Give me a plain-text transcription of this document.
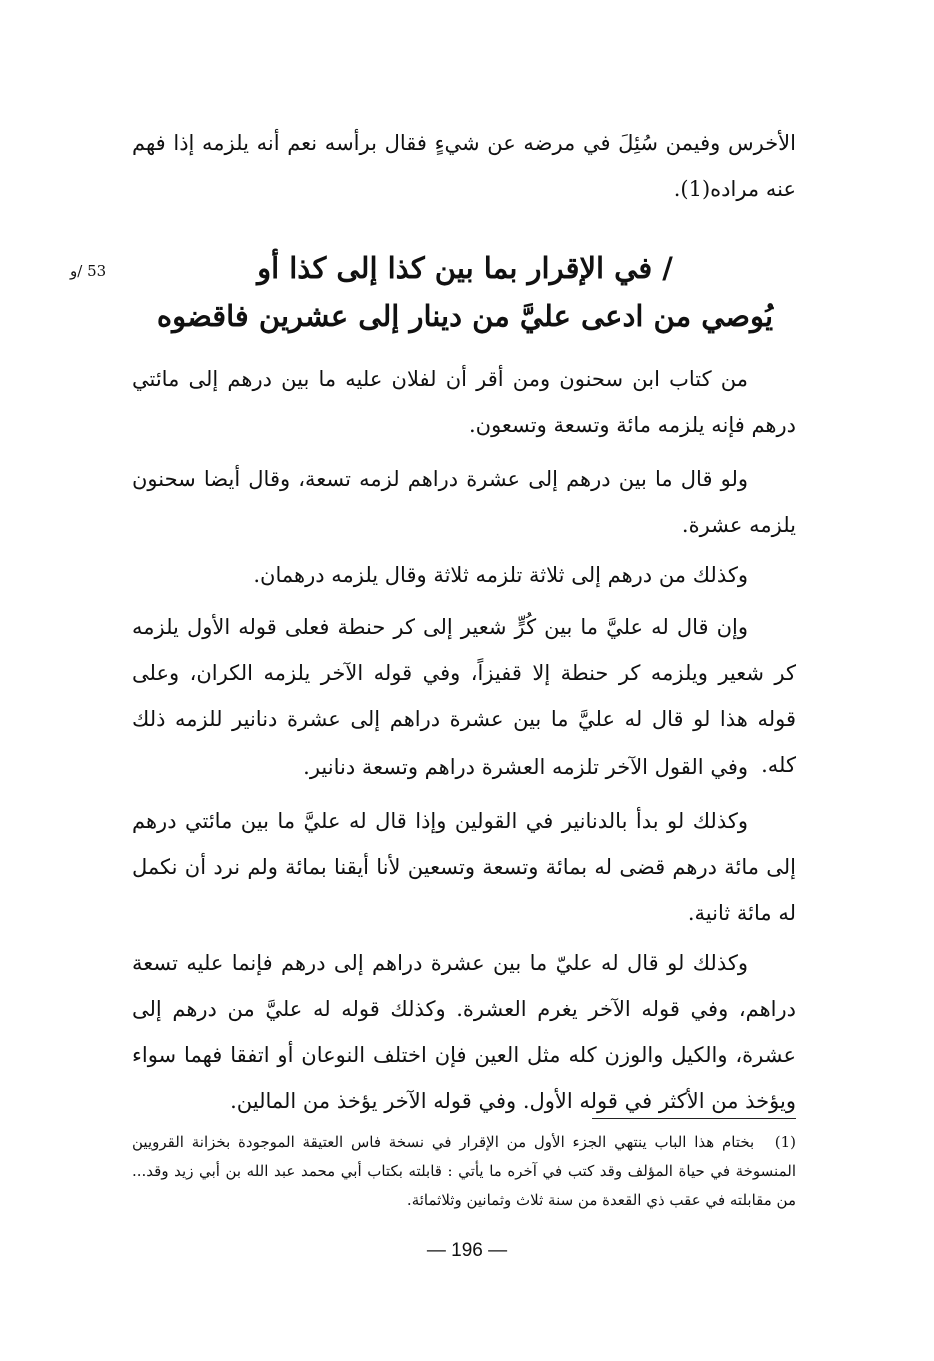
الأخرس وفيمن سُئِلَ في مرضه عن شيءٍ فقال برأسه نعم أنه يلزمه إذا فهم عنه مراده(1).
53 /و	/ في الإقرار بما بين كذا إلى كذا أو
يُوصي من ادعى عليَّ من دينار إلى عشرين فاقضوه
من كتاب ابن سحنون ومن أقر أن لفلان عليه ما بين درهم إلى مائتي درهم فإنه يلزمه مائة وتسعة وتسعون.
ولو قال ما بين درهم إلى عشرة دراهم لزمه تسعة، وقال أيضا سحنون يلزمه عشرة.
وكذلك من درهم إلى ثلاثة تلزمه ثلاثة وقال يلزمه درهمان.
وإن قال له عليَّ ما بين كُرٍّ شعير إلى كر حنطة فعلى قوله الأول يلزمه كر شعير ويلزمه كر حنطة إلا قفيزاً، وفي قوله الآخر يلزمه الكران، وعلى قوله هذا لو قال له عليَّ ما بين عشرة دراهم إلى عشرة دنانير للزمه ذلك كله.
وفي القول الآخر تلزمه العشرة دراهم وتسعة دنانير.
وكذلك لو بدأ بالدنانير في القولين وإذا قال له عليَّ ما بين مائتي درهم إلى مائة درهم قضى له بمائة وتسعة وتسعين لأنا أيقنا بمائة ولم نرد أن نكمل له مائة ثانية.
وكذلك لو قال له عليّ ما بين عشرة دراهم إلى درهم فإنما عليه تسعة دراهم، وفي قوله الآخر يغرم العشرة. وكذلك قوله له عليَّ من درهم إلى عشرة، والكيل والوزن كله مثل العين فإن اختلف النوعان أو اتفقا فهما سواء ويؤخذ من الأكثر في قوله الأول. وفي قوله الآخر يؤخذ من المالين.
(1) بختام هذا الباب ينتهي الجزء الأول من الإقرار في نسخة فاس العتيقة الموجودة بخزانة القرويين المنسوخة في حياة المؤلف وقد كتب في آخره ما يأتي : قابلته بكتاب أبي محمد عبد الله بن أبي زيد وقد... من مقابلته في عقب ذي القعدة من سنة ثلاث وثمانين وثلاثمائة.
— 196 —
